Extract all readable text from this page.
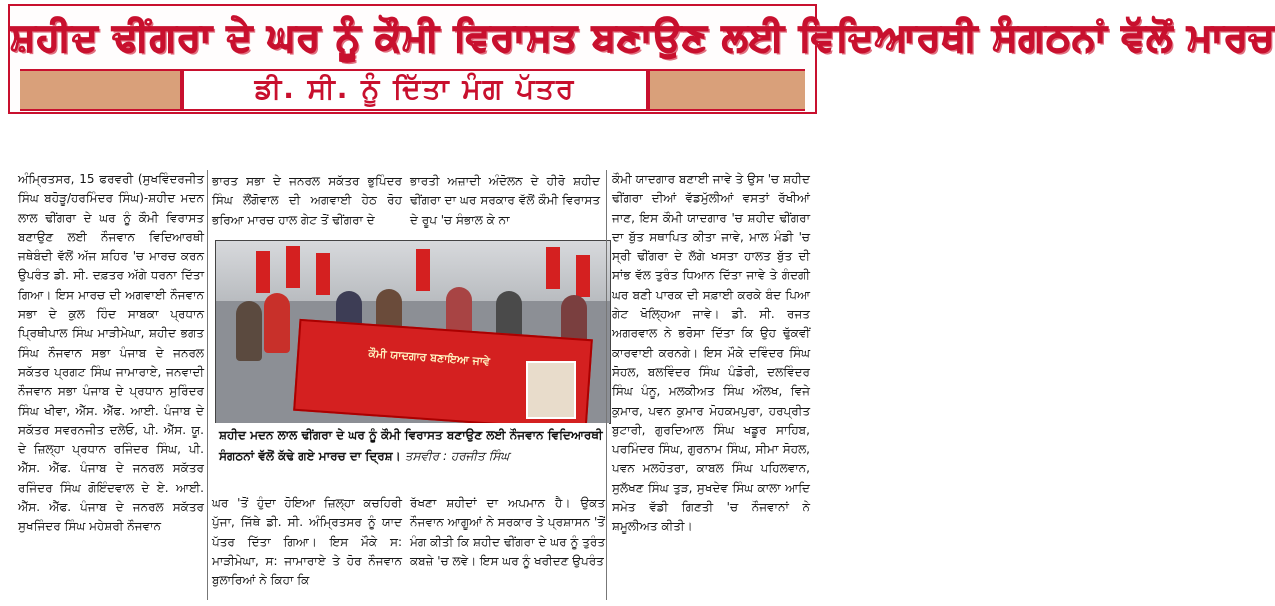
ਸ਼ਹੀਦ ਢੀਂਗਰਾ ਦੇ ਘਰ ਨੂੰ ਕੌਮੀ ਵਿਰਾਸਤ ਬਣਾਉਣ ਲਈ ਵਿਦਿਆਰਥੀ ਸੰਗਠਨਾਂ ਵੱਲੋਂ ਮਾਰਚ
ਡੀ. ਸੀ. ਨੂੰ ਦਿੱਤਾ ਮੰਗ ਪੱਤਰ

ਅੰਮ੍ਰਿਤਸਰ, 15 ਫਰਵਰੀ (ਸੁਖਵਿੰਦਰਜੀਤ ਸਿੰਘ ਬਹੋੜੂ/ਹਰਮਿੰਦਰ ਸਿੰਘ)-ਸ਼ਹੀਦ ਮਦਨ ਲਾਲ ਢੀਂਗਰਾ ਦੇ ਘਰ ਨੂੰ ਕੌਮੀ ਵਿਰਾਸਤ ਬਣਾਉਣ ਲਈ ਨੌਜਵਾਨ ਵਿਦਿਆਰਥੀ ਜਥੇਬੰਦੀ ਵੱਲੋਂ ਅੱਜ ਸ਼ਹਿਰ 'ਚ ਮਾਰਚ ਕਰਨ ਉਪਰੰਤ ਡੀ. ਸੀ. ਦਫ਼ਤਰ ਅੱਗੇ ਧਰਨਾ ਦਿੱਤਾ ਗਿਆ। ਇਸ ਮਾਰਚ ਦੀ ਅਗਵਾਈ ਨੌਜਵਾਨ ਸਭਾ ਦੇ ਕੁਲ ਹਿੰਦ ਸਾਬਕਾ ਪ੍ਰਧਾਨ ਪ੍ਰਿਥੀਪਾਲ ਸਿੰਘ ਮਾੜੀਮੇਘਾ, ਸ਼ਹੀਦ ਭਗਤ ਸਿੰਘ ਨੌਜਵਾਨ ਸਭਾ ਪੰਜਾਬ ਦੇ ਜਨਰਲ ਸਕੱਤਰ ਪ੍ਰਗਟ ਸਿੰਘ ਜਾਮਾਰਾਏ, ਜਨਵਾਦੀ ਨੌਜਵਾਨ ਸਭਾ ਪੰਜਾਬ ਦੇ ਪ੍ਰਧਾਨ ਸੁਰਿੰਦਰ ਸਿੰਘ ਖੀਵਾ, ਐੱਸ. ਐੱਫ. ਆਈ. ਪੰਜਾਬ ਦੇ ਸਕੱਤਰ ਸਵਰਨਜੀਤ ਦਲੇਓ, ਪੀ. ਐੱਸ. ਯੂ. ਦੇ ਜ਼ਿਲ੍ਹਾ ਪ੍ਰਧਾਨ ਰਜਿੰਦਰ ਸਿੰਘ, ਪੀ. ਐੱਸ. ਐੱਫ. ਪੰਜਾਬ ਦੇ ਜਨਰਲ ਸਕੱਤਰ ਰਜਿੰਦਰ ਸਿੰਘ ਗੋਇੰਦਵਾਲ ਦੇ ਏ. ਆਈ. ਐੱਸ. ਐੱਫ. ਪੰਜਾਬ ਦੇ ਜਨਰਲ ਸਕੱਤਰ ਸੁਖਜਿੰਦਰ ਸਿੰਘ ਮਹੇਸ਼ਰੀ ਨੌਜਵਾਨ

ਭਾਰਤ ਸਭਾ ਦੇ ਜਨਰਲ ਸਕੱਤਰ ਭੁਪਿੰਦਰ ਸਿੰਘ ਲੌਂਗੋਵਾਲ ਦੀ ਅਗਵਾਈ ਹੇਠ ਰੋਹ ਭਰਿਆ ਮਾਰਚ ਹਾਲ ਗੇਟ ਤੋਂ ਢੀਂਗਰਾ ਦੇ

ਭਾਰਤੀ ਅਜ਼ਾਦੀ ਅੰਦੋਲਨ ਦੇ ਹੀਰੋ ਸ਼ਹੀਦ ਢੀਂਗਰਾ ਦਾ ਘਰ ਸਰਕਾਰ ਵੱਲੋਂ ਕੌਮੀ ਵਿਰਾਸਤ ਦੇ ਰੂਪ 'ਚ ਸੰਭਾਲ ਕੇ ਨਾ

ਕੌਮੀ ਯਾਦਗਾਰ ਬਣਾਈ ਜਾਵੇ ਤੇ ਉਸ 'ਚ ਸ਼ਹੀਦ ਢੀਂਗਰਾ ਦੀਆਂ ਵੱਡਮੁੱਲੀਆਂ ਵਸਤਾਂ ਰੱਖੀਆਂ ਜਾਣ, ਇਸ ਕੌਮੀ ਯਾਦਗਾਰ 'ਚ ਸ਼ਹੀਦ ਢੀਂਗਰਾ ਦਾ ਬੁੱਤ ਸਥਾਪਿਤ ਕੀਤਾ ਜਾਵੇ, ਮਾਲ ਮੰਡੀ 'ਚ ਸ੍ਰੀ ਢੀਂਗਰਾ ਦੇ ਲੱਗੇ ਖਸਤਾ ਹਾਲਤ ਬੁੱਤ ਦੀ ਸਾਂਭ ਵੱਲ ਤੁਰੰਤ ਧਿਆਨ ਦਿੱਤਾ ਜਾਵੇ ਤੇ ਗੰਦਗੀ ਘਰ ਬਣੀ ਪਾਰਕ ਦੀ ਸਫ਼ਾਈ ਕਰਕੇ ਬੰਦ ਪਿਆ ਗੇਟ ਖੋਲ੍ਹਿਆ ਜਾਵੇ। ਡੀ. ਸੀ. ਰਜਤ ਅਗਰਵਾਲ ਨੇ ਭਰੋਸਾ ਦਿੱਤਾ ਕਿ ਉਹ ਢੁੱਕਵੀਂ ਕਾਰਵਾਈ ਕਰਨਗੇ। ਇਸ ਮੌਕੇ ਦਵਿੰਦਰ ਸਿੰਘ ਸੋਹਲ, ਬਲਵਿੰਦਰ ਸਿੰਘ ਪੰਡੋਰੀ, ਦਲਵਿੰਦਰ ਸਿੰਘ ਪੰਨੂ, ਮਲਕੀਅਤ ਸਿੰਘ ਔਲਖ, ਵਿਜੇ ਕੁਮਾਰ, ਪਵਨ ਕੁਮਾਰ ਮੋਹਕਮਪੁਰਾ, ਹਰਪ੍ਰੀਤ ਬੁਟਾਰੀ, ਗੁਰਦਿਆਲ ਸਿੰਘ ਖਡੂਰ ਸਾਹਿਬ, ਪਰਮਿੰਦਰ ਸਿੰਘ, ਗੁਰਨਾਮ ਸਿੰਘ, ਸੀਮਾ ਸੋਹਲ, ਪਵਨ ਮਲਹੋਤਰਾ, ਕਾਬਲ ਸਿੰਘ ਪਹਿਲਵਾਨ, ਸੁਲੱਖਣ ਸਿੰਘ ਤੁੜ, ਸੁਖਦੇਵ ਸਿੰਘ ਕਾਲਾ ਆਦਿ ਸਮੇਤ ਵੱਡੀ ਗਿਣਤੀ 'ਚ ਨੌਜਵਾਨਾਂ ਨੇ ਸ਼ਮੂਲੀਅਤ ਕੀਤੀ।

ਕੌਮੀ ਯਾਦਗਾਰ ਬਣਾਇਆ ਜਾਵੇ
ਸ਼ਹੀਦ ਮਦਨ ਲਾਲ ਢੀਂਗਰਾ ਦੇ ਘਰ ਨੂੰ ਕੌਮੀ ਵਿਰਾਸਤ ਬਣਾਉਣ ਲਈ ਨੌਜਵਾਨ ਵਿਦਿਆਰਥੀ ਸੰਗਠਨਾਂ ਵੱਲੋਂ ਕੱਢੇ ਗਏ ਮਾਰਚ ਦਾ ਦ੍ਰਿਸ਼। ਤਸਵੀਰ : ਹਰਜੀਤ ਸਿੰਘ

ਘਰ 'ਤੋਂ ਹੁੰਦਾ ਹੋਇਆ ਜ਼ਿਲ੍ਹਾ ਕਚਹਿਰੀ ਪੁੱਜਾ, ਜਿੱਥੇ ਡੀ. ਸੀ. ਅੰਮ੍ਰਿਤਸਰ ਨੂੰ ਯਾਦ ਪੱਤਰ ਦਿੱਤਾ ਗਿਆ। ਇਸ ਮੌਕੇ ਸ: ਮਾੜੀਮੇਘਾ, ਸ: ਜਾਮਾਰਾਏ ਤੇ ਹੋਰ ਨੌਜਵਾਨ ਬੁਲਾਰਿਆਂ ਨੇ ਕਿਹਾ ਕਿ

ਰੱਖਣਾ ਸ਼ਹੀਦਾਂ ਦਾ ਅਪਮਾਨ ਹੈ। ਉਕਤ ਨੌਜਵਾਨ ਆਗੂਆਂ ਨੇ ਸਰਕਾਰ ਤੇ ਪ੍ਰਸ਼ਾਸਨ 'ਤੋਂ ਮੰਗ ਕੀਤੀ ਕਿ ਸ਼ਹੀਦ ਢੀਂਗਰਾ ਦੇ ਘਰ ਨੂੰ ਤੁਰੰਤ ਕਬਜ਼ੇ 'ਚ ਲਵੇ। ਇਸ ਘਰ ਨੂੰ ਖਰੀਦਣ ਉਪਰੰਤ
